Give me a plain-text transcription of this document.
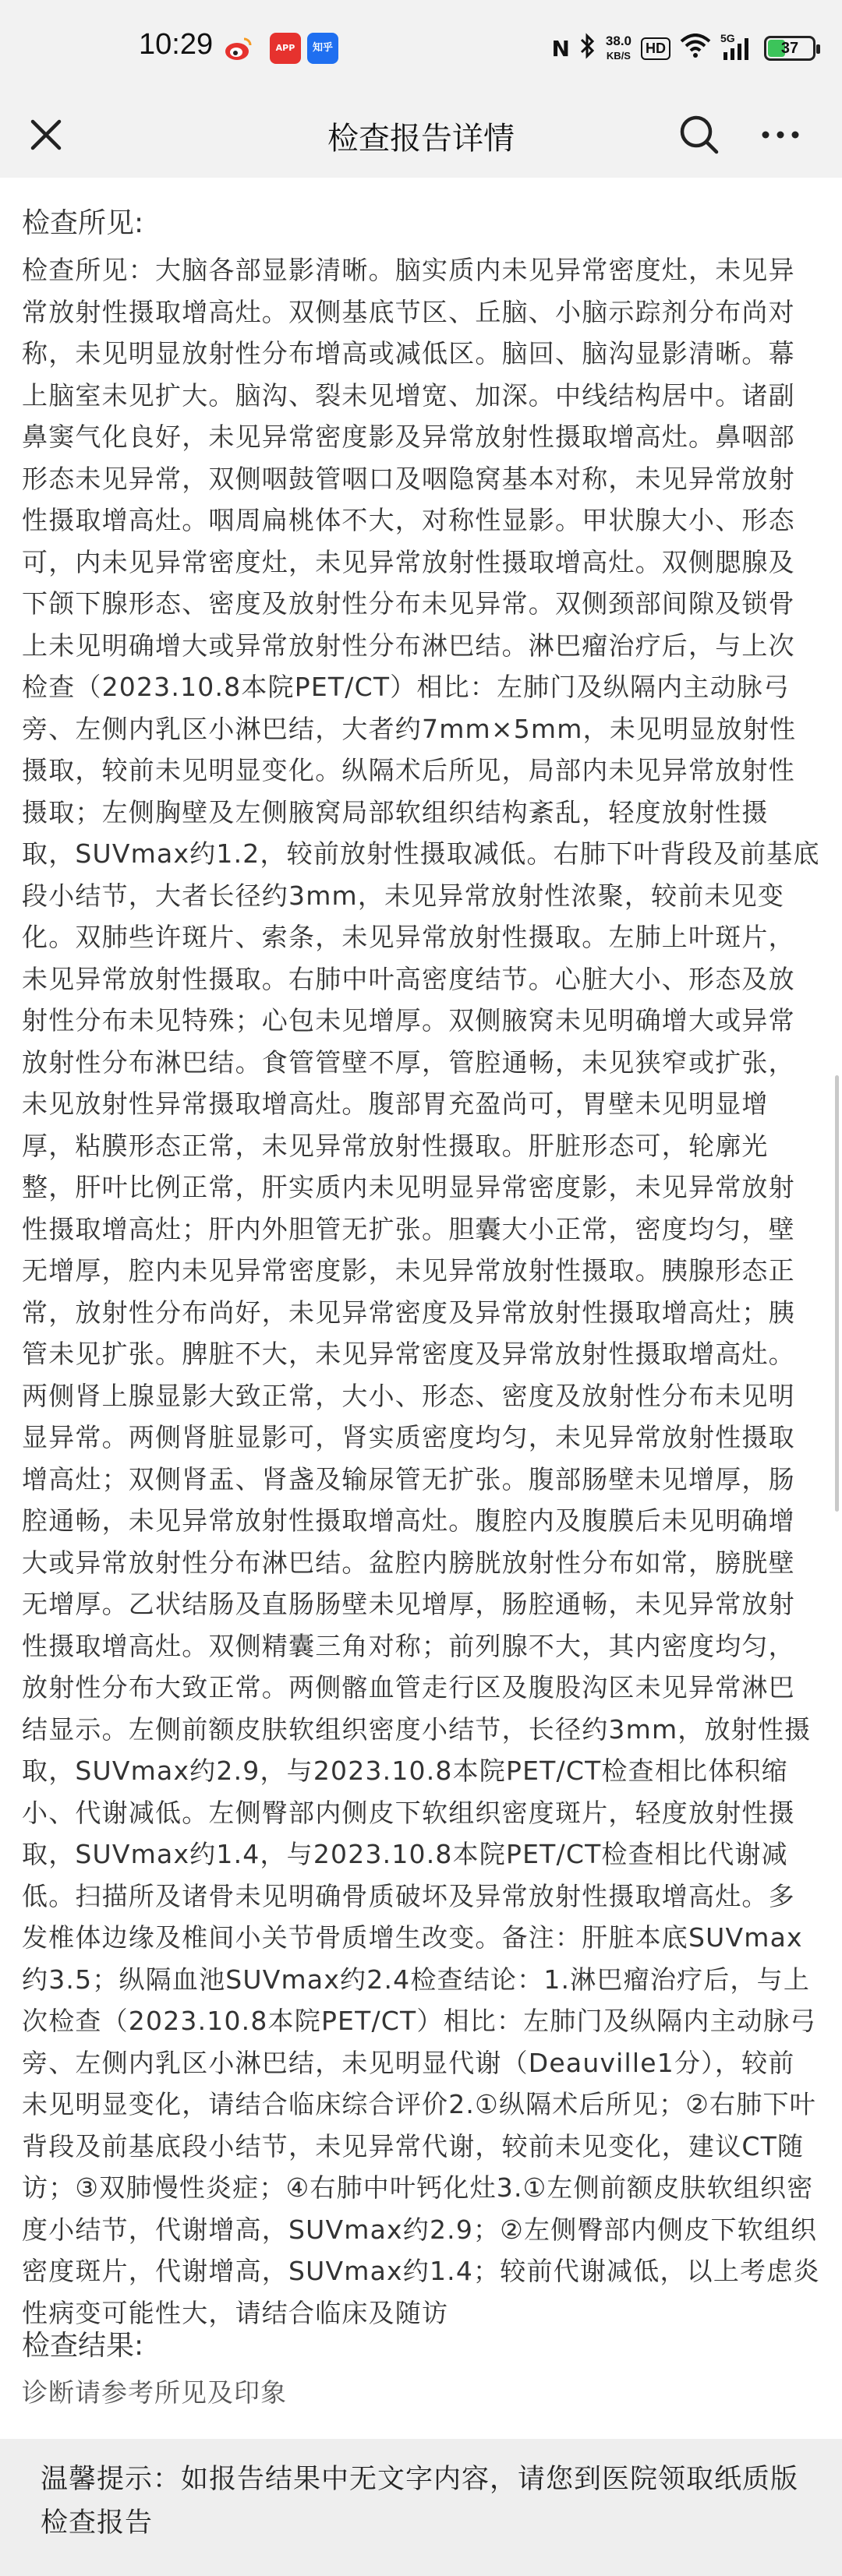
10:29	APP	知乎	N	38.0
KB/S	HD
5G
37
检查报告详情
检查所见:

检查所见：大脑各部显影清晰。脑实质内未见异常密度灶，未见异常放射性摄取增高灶。双侧基底节区、丘脑、小脑示踪剂分布尚对称，未见明显放射性分布增高或减低区。脑回、脑沟显影清晰。幕上脑室未见扩大。脑沟、裂未见增宽、加深。中线结构居中。诸副鼻窦气化良好，未见异常密度影及异常放射性摄取增高灶。鼻咽部形态未见异常，双侧咽鼓管咽口及咽隐窝基本对称，未见异常放射性摄取增高灶。咽周扁桃体不大，对称性显影。甲状腺大小、形态可，内未见异常密度灶，未见异常放射性摄取增高灶。双侧腮腺及下颌下腺形态、密度及放射性分布未见异常。双侧颈部间隙及锁骨上未见明确增大或异常放射性分布淋巴结。淋巴瘤治疗后，与上次检查（2023.10.8本院PET/CT）相比：左肺门及纵隔内主动脉弓旁、左侧内乳区小淋巴结，大者约7mm×5mm，未见明显放射性摄取，较前未见明显变化。纵隔术后所见，局部内未见异常放射性摄取；左侧胸壁及左侧腋窝局部软组织结构紊乱，轻度放射性摄取，SUVmax约1.2，较前放射性摄取减低。右肺下叶背段及前基底段小结节，大者长径约3mm，未见异常放射性浓聚，较前未见变化。双肺些许斑片、索条，未见异常放射性摄取。左肺上叶斑片，未见异常放射性摄取。右肺中叶高密度结节。心脏大小、形态及放射性分布未见特殊；心包未见增厚。双侧腋窝未见明确增大或异常放射性分布淋巴结。食管管壁不厚，管腔通畅，未见狭窄或扩张，未见放射性异常摄取增高灶。腹部胃充盈尚可，胃壁未见明显增厚，粘膜形态正常，未见异常放射性摄取。肝脏形态可，轮廓光整，肝叶比例正常，肝实质内未见明显异常密度影，未见异常放射性摄取增高灶；肝内外胆管无扩张。胆囊大小正常，密度均匀，壁无增厚，腔内未见异常密度影，未见异常放射性摄取。胰腺形态正常，放射性分布尚好，未见异常密度及异常放射性摄取增高灶；胰管未见扩张。脾脏不大，未见异常密度及异常放射性摄取增高灶。两侧肾上腺显影大致正常，大小、形态、密度及放射性分布未见明显异常。两侧肾脏显影可，肾实质密度均匀，未见异常放射性摄取增高灶；双侧肾盂、肾盏及输尿管无扩张。腹部肠壁未见增厚，肠腔通畅，未见异常放射性摄取增高灶。腹腔内及腹膜后未见明确增大或异常放射性分布淋巴结。盆腔内膀胱放射性分布如常，膀胱壁无增厚。乙状结肠及直肠肠壁未见增厚，肠腔通畅，未见异常放射性摄取增高灶。双侧精囊三角对称；前列腺不大，其内密度均匀，放射性分布大致正常。两侧髂血管走行区及腹股沟区未见异常淋巴结显示。左侧前额皮肤软组织密度小结节，长径约3mm，放射性摄取，SUVmax约2.9，与2023.10.8本院PET/CT检查相比体积缩小、代谢减低。左侧臀部内侧皮下软组织密度斑片，轻度放射性摄取，SUVmax约1.4，与2023.10.8本院PET/CT检查相比代谢减低。扫描所及诸骨未见明确骨质破坏及异常放射性摄取增高灶。多发椎体边缘及椎间小关节骨质增生改变。备注：肝脏本底SUVmax约3.5；纵隔血池SUVmax约2.4检查结论：1.淋巴瘤治疗后，与上次检查（2023.10.8本院PET/CT）相比：左肺门及纵隔内主动脉弓旁、左侧内乳区小淋巴结，未见明显代谢（Deauville1分），较前未见明显变化，请结合临床综合评价2.①纵隔术后所见；②右肺下叶背段及前基底段小结节，未见异常代谢，较前未见变化，建议CT随访；③双肺慢性炎症；④右肺中叶钙化灶3.①左侧前额皮肤软组织密度小结节，代谢增高，SUVmax约2.9；②左侧臀部内侧皮下软组织密度斑片，代谢增高，SUVmax约1.4；较前代谢减低，以上考虑炎性病变可能性大，请结合临床及随访

检查结果:
诊断请参考所见及印象

温馨提示：如报告结果中无文字内容，请您到医院领取纸质版检查报告
